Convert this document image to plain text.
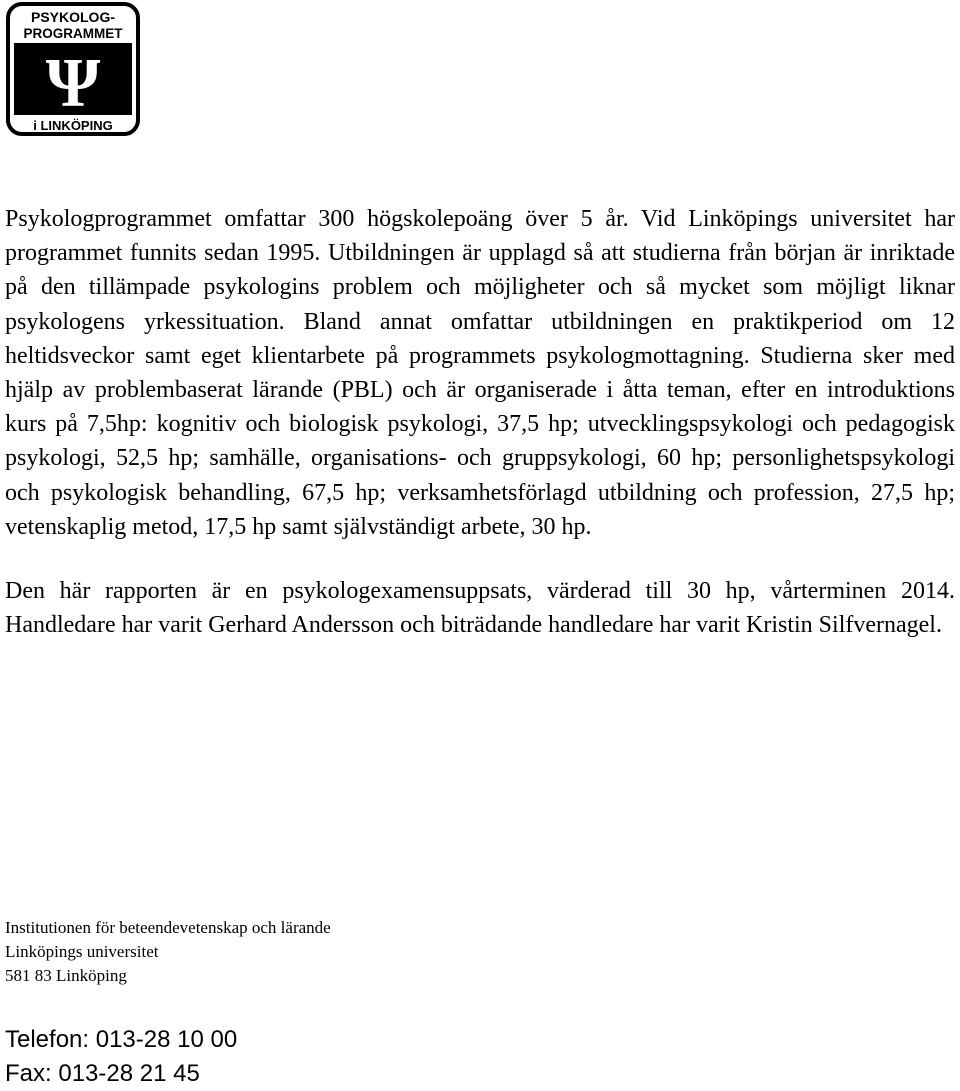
PSYKOLOG-
PROGRAMMET
Ψ
i LINKÖPING

Psykologprogrammet omfattar 300 högskolepoäng över 5 år. Vid Linköpings universitet har programmet funnits sedan 1995. Utbildningen är upplagd så att studierna från början är inriktade på den tillämpade psykologins problem och möjligheter och så mycket som möjligt liknar psykologens yrkessituation. Bland annat omfattar utbildningen en praktikperiod om 12 heltidsveckor samt eget klientarbete på programmets psykologmottagning. Studierna sker med hjälp av problembaserat lärande (PBL) och är organiserade i åtta teman, efter en introduktions kurs på 7,5hp: kognitiv och biologisk psykologi, 37,5 hp; utvecklingspsykologi och pedagogisk psykologi, 52,5 hp; samhälle, organisations- och gruppsykologi, 60 hp; personlighetspsykologi och psykologisk behandling, 67,5 hp; verksamhetsförlagd utbildning och profession, 27,5 hp; vetenskaplig metod, 17,5 hp samt självständigt arbete, 30 hp.

Den här rapporten är en psykologexamensuppsats, värderad till 30 hp, vårterminen 2014. Handledare har varit Gerhard Andersson och biträdande handledare har varit Kristin Silfvernagel.

Institutionen för beteendevetenskap och lärande
Linköpings universitet
581 83 Linköping
Telefon: 013-28 10 00
Fax: 013-28 21 45
